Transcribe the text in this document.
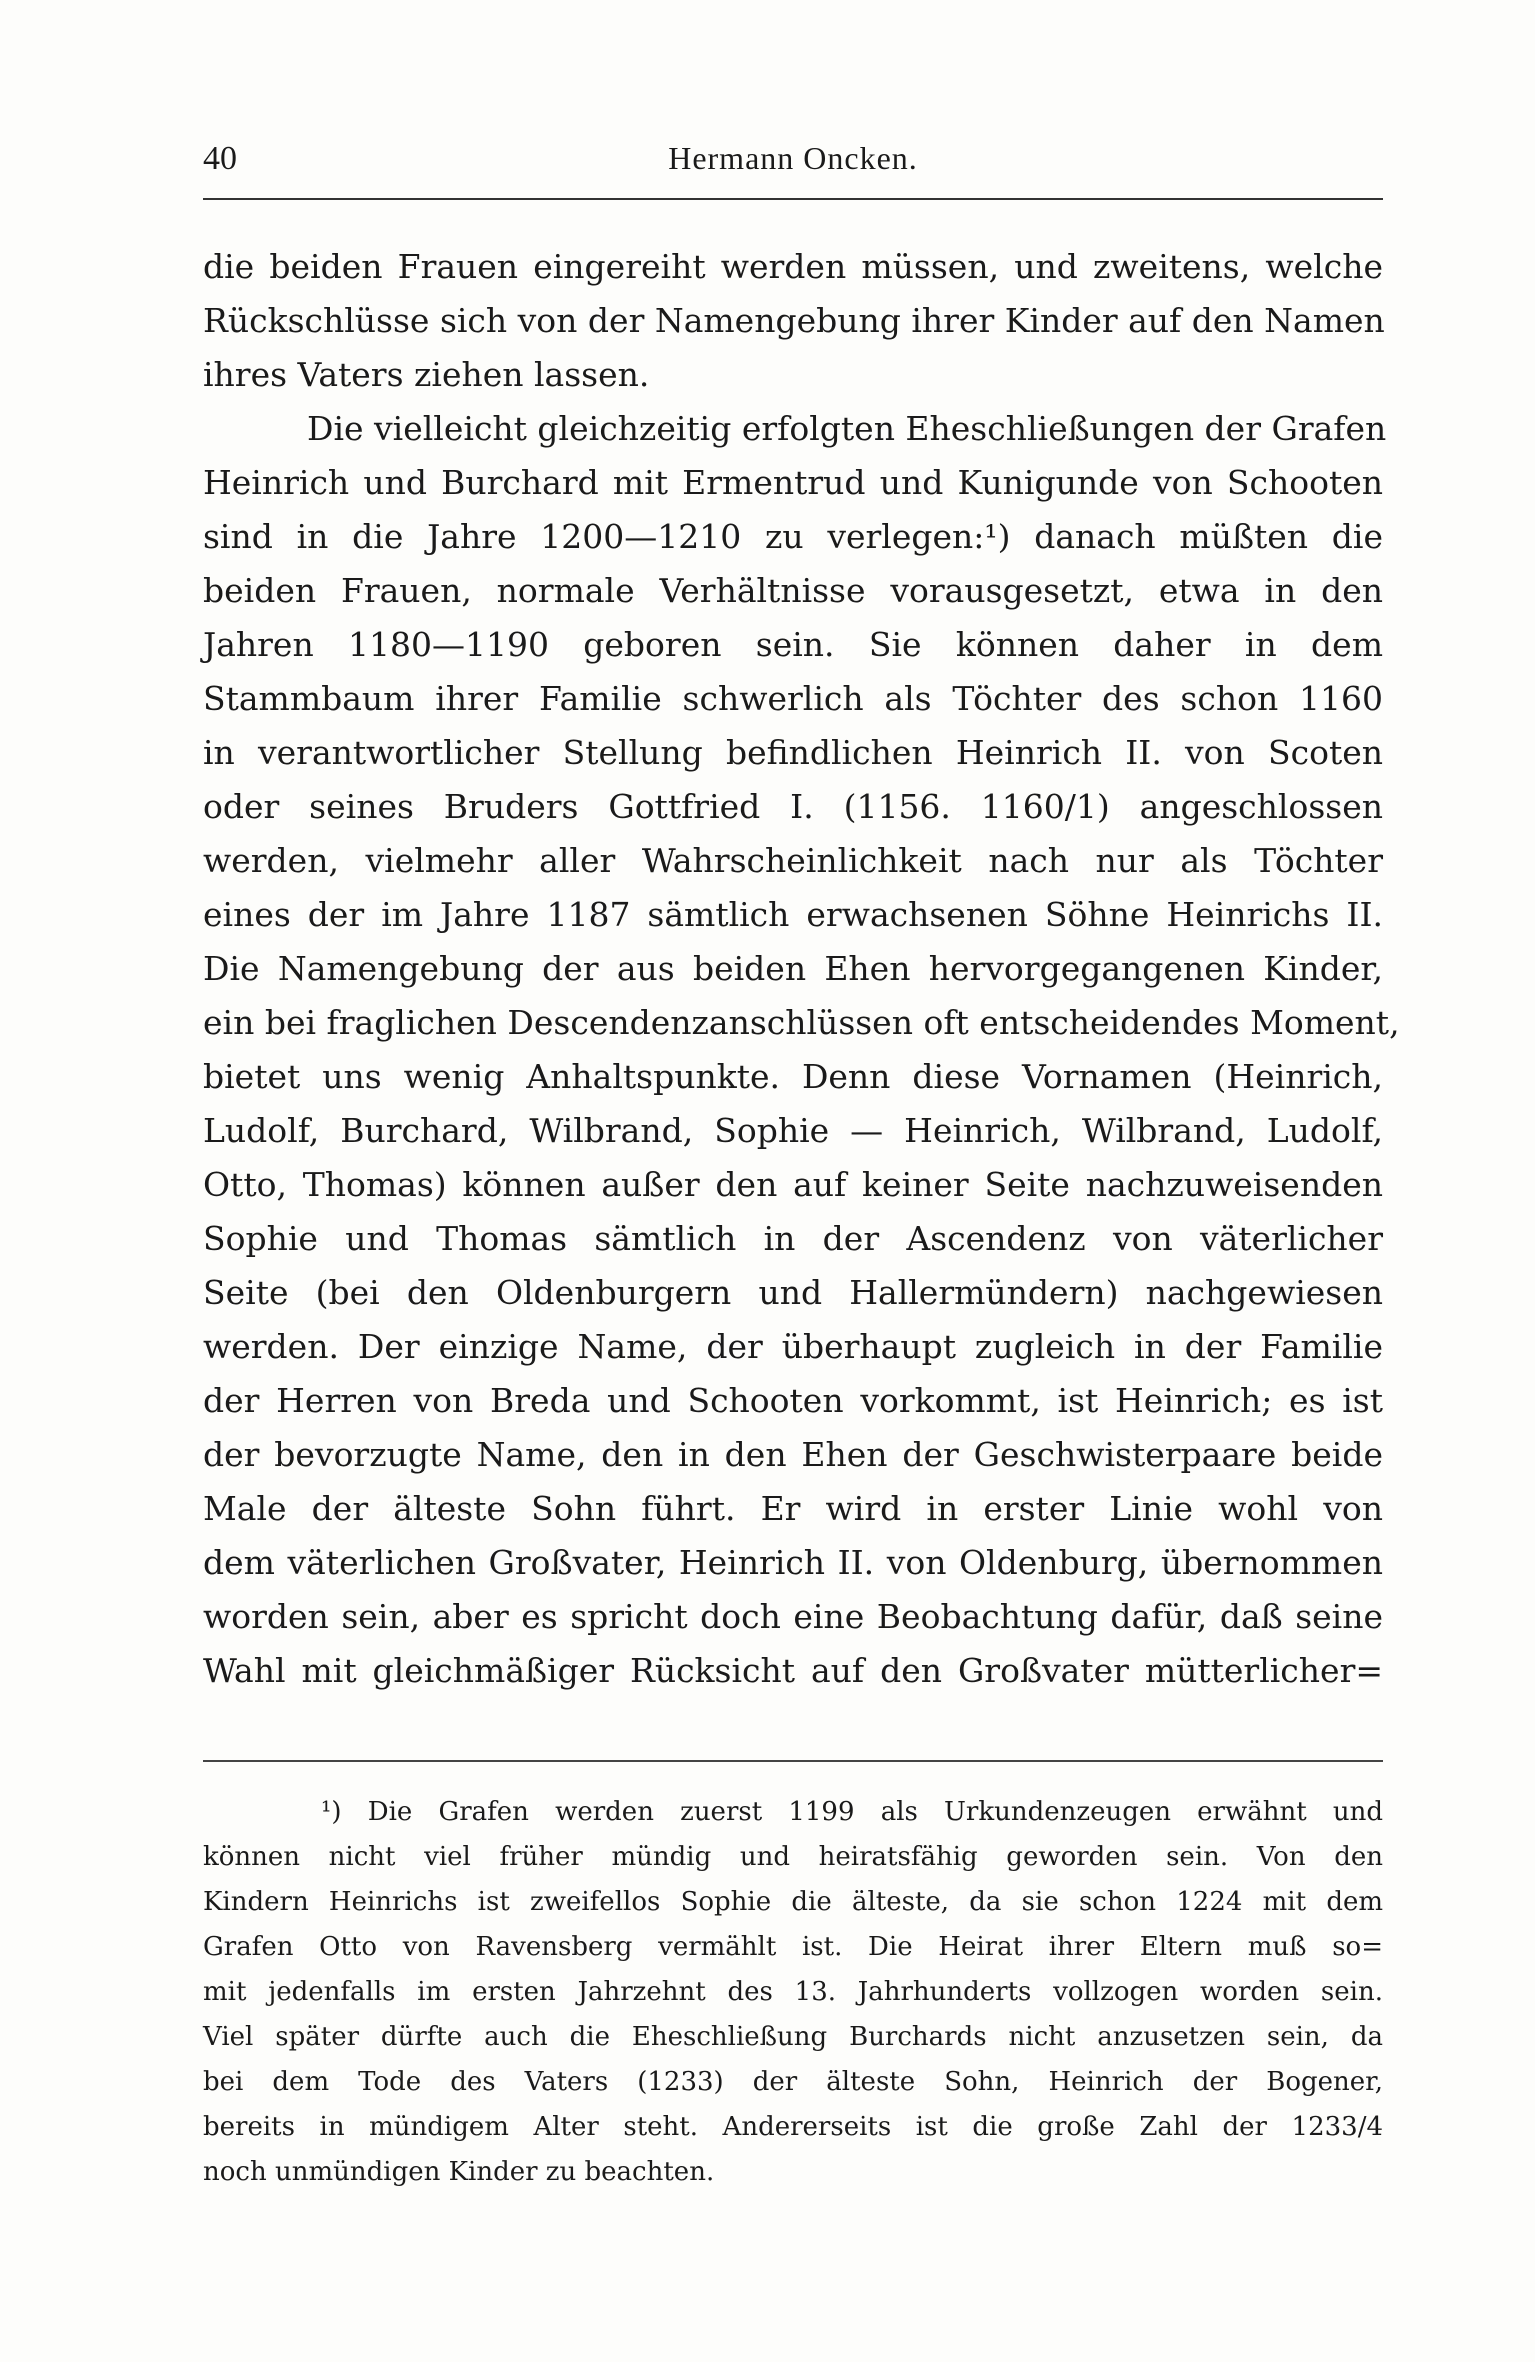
40	Hermann Oncken.
die beiden Frauen eingereiht werden müssen, und zweitens, welche
Rückschlüsse sich von der Namengebung ihrer Kinder auf den Namen
ihres Vaters ziehen lassen.
Die vielleicht gleichzeitig erfolgten Eheschließungen der Grafen
Heinrich und Burchard mit Ermentrud und Kunigunde von Schooten
sind in die Jahre 1200—1210 zu verlegen:¹) danach müßten die
beiden Frauen, normale Verhältnisse vorausgesetzt, etwa in den
Jahren 1180—1190 geboren sein. Sie können daher in dem
Stammbaum ihrer Familie schwerlich als Töchter des schon 1160
in verantwortlicher Stellung befindlichen Heinrich II. von Scoten
oder seines Bruders Gottfried I. (1156. 1160/1) angeschlossen
werden, vielmehr aller Wahrscheinlichkeit nach nur als Töchter
eines der im Jahre 1187 sämtlich erwachsenen Söhne Heinrichs II.
Die Namengebung der aus beiden Ehen hervorgegangenen Kinder,
ein bei fraglichen Descendenzanschlüssen oft entscheidendes Moment,
bietet uns wenig Anhaltspunkte. Denn diese Vornamen (Heinrich,
Ludolf, Burchard, Wilbrand, Sophie — Heinrich, Wilbrand, Ludolf,
Otto, Thomas) können außer den auf keiner Seite nachzuweisenden
Sophie und Thomas sämtlich in der Ascendenz von väterlicher
Seite (bei den Oldenburgern und Hallermündern) nachgewiesen
werden. Der einzige Name, der überhaupt zugleich in der Familie
der Herren von Breda und Schooten vorkommt, ist Heinrich; es ist
der bevorzugte Name, den in den Ehen der Geschwisterpaare beide
Male der älteste Sohn führt. Er wird in erster Linie wohl von
dem väterlichen Großvater, Heinrich II. von Oldenburg, übernommen
worden sein, aber es spricht doch eine Beobachtung dafür, daß seine
Wahl mit gleichmäßiger Rücksicht auf den Großvater mütterlicher=
¹) Die Grafen werden zuerst 1199 als Urkundenzeugen erwähnt und
können nicht viel früher mündig und heiratsfähig geworden sein. Von den
Kindern Heinrichs ist zweifellos Sophie die älteste, da sie schon 1224 mit dem
Grafen Otto von Ravensberg vermählt ist. Die Heirat ihrer Eltern muß so=
mit jedenfalls im ersten Jahrzehnt des 13. Jahrhunderts vollzogen worden sein.
Viel später dürfte auch die Eheschließung Burchards nicht anzusetzen sein, da
bei dem Tode des Vaters (1233) der älteste Sohn, Heinrich der Bogener,
bereits in mündigem Alter steht. Andererseits ist die große Zahl der 1233/4
noch unmündigen Kinder zu beachten.
